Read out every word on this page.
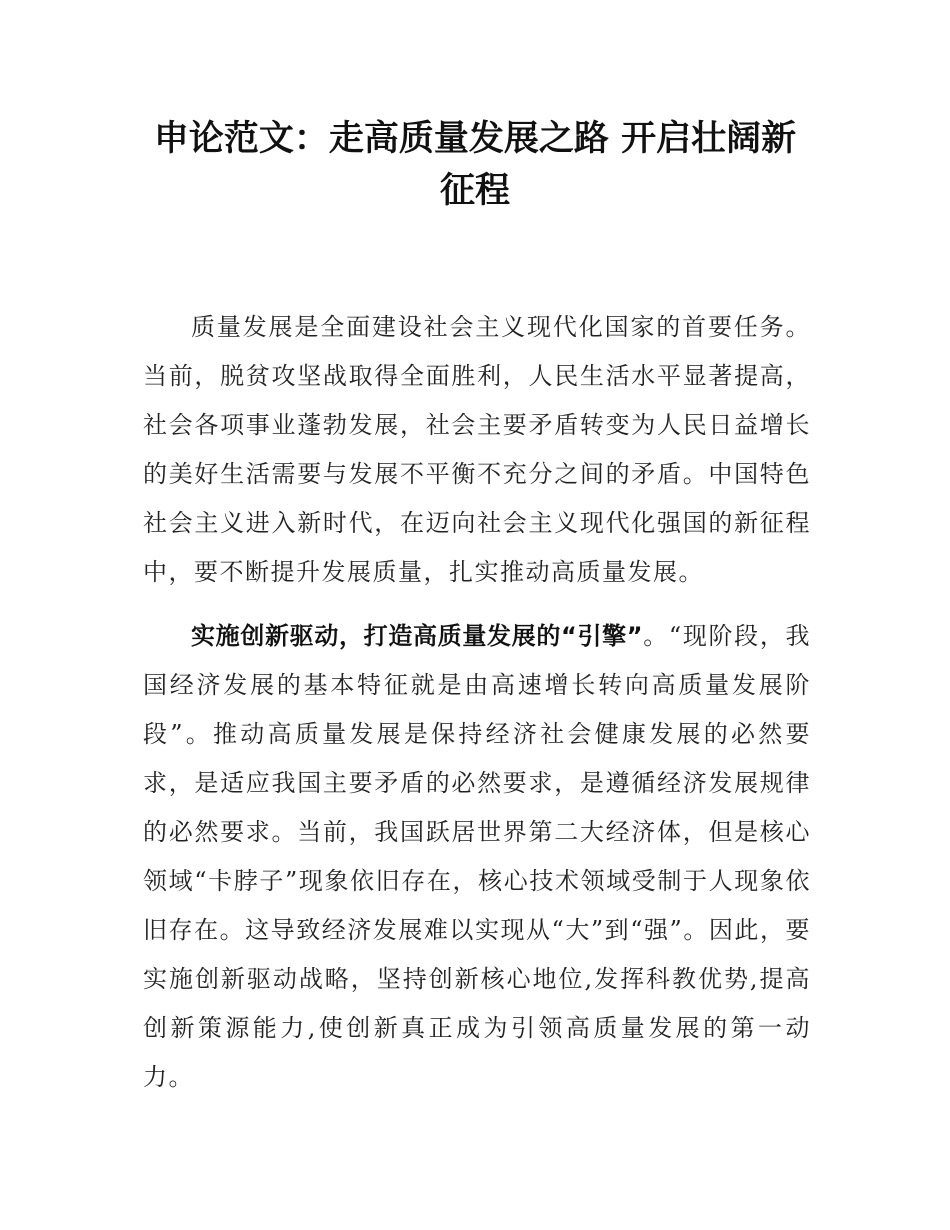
申论范文：走高质量发展之路 开启壮阔新征程

质量发展是全面建设社会主义现代化国家的首要任务。当前，脱贫攻坚战取得全面胜利，人民生活水平显著提高，社会各项事业蓬勃发展，社会主要矛盾转变为人民日益增长的美好生活需要与发展不平衡不充分之间的矛盾。中国特色社会主义进入新时代，在迈向社会主义现代化强国的新征程中，要不断提升发展质量，扎实推动高质量发展。

实施创新驱动，打造高质量发展的“引擎”。“现阶段，我国经济发展的基本特征就是由高速增长转向高质量发展阶段”。推动高质量发展是保持经济社会健康发展的必然要求，是适应我国主要矛盾的必然要求，是遵循经济发展规律的必然要求。当前，我国跃居世界第二大经济体，但是核心领域“卡脖子”现象依旧存在，核心技术领域受制于人现象依旧存在。这导致经济发展难以实现从“大”到“强”。因此，要实施创新驱动战略，坚持创新核心地位,发挥科教优势,提高创新策源能力,使创新真正成为引领高质量发展的第一动力。
